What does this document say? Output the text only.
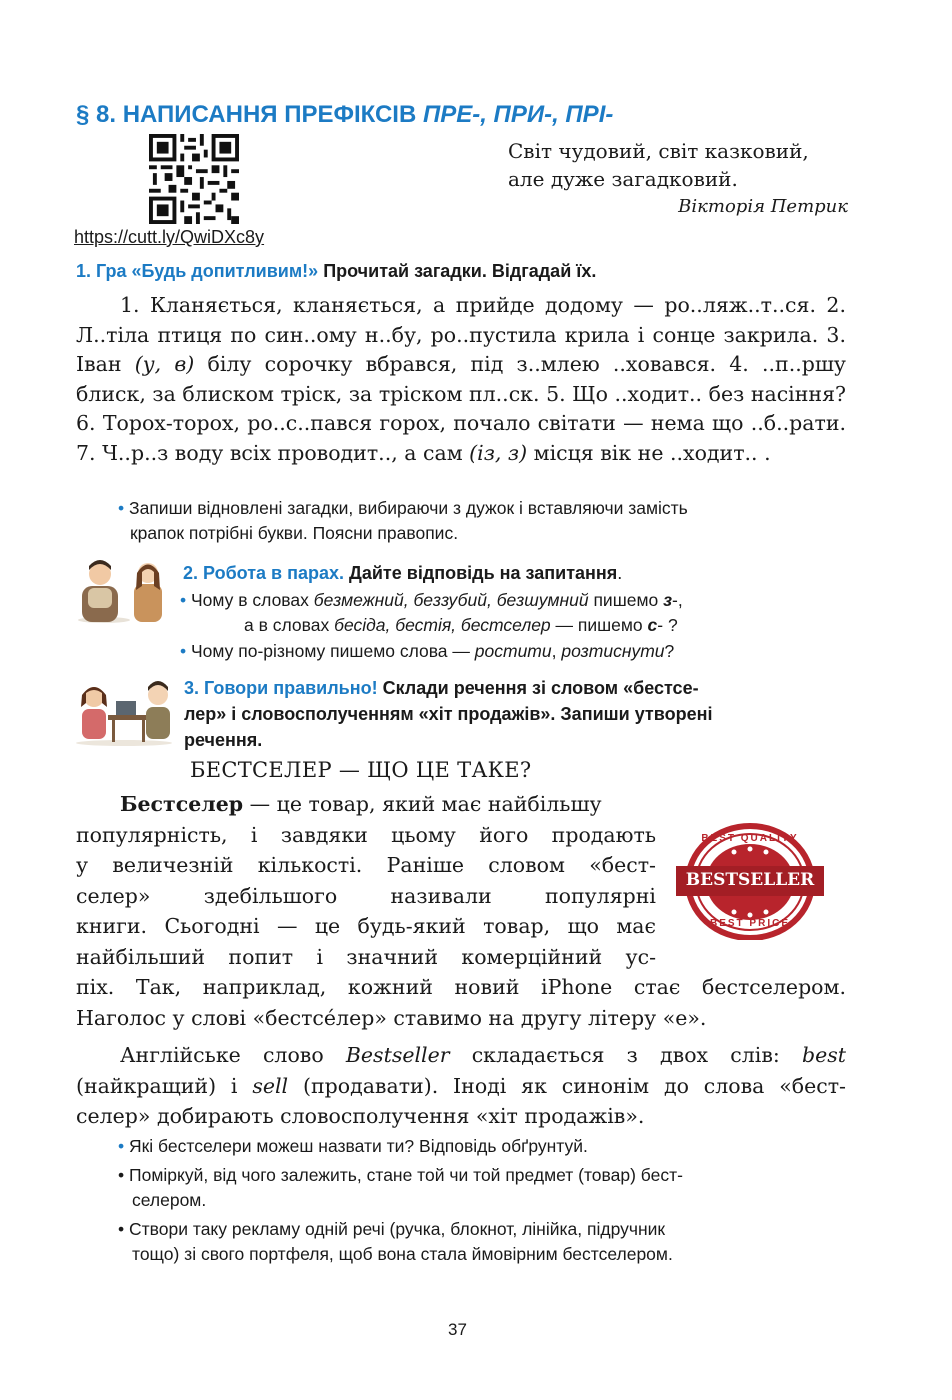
§ 8. НАПИСАННЯ ПРЕФІКСІВ ПРЕ-, ПРИ-, ПРІ-
Світ чудовий, світ казковий,
але дуже загадковий.
Вікторія Петрик
https://cutt.ly/QwiDXc8y
1. Гра «Будь допитливим!» Прочитай загадки. Відгадай їх.

1. Кланяється, кланяється, а прийде додому — ро..ляж..т..ся. 2. Л..тіла птиця по син..ому н..бу, ро..пустила крила і сонце закрила. 3. Іван (у, в) білу сорочку вбрався, під з..млею ..ховався. 4. ..п..ршу блиск, за блиском тріск, за тріском пл..ск. 5. Що ..ходит.. без насіння? 6. Торох-торох, ро..с..пався горох, почало світати — нема що ..б..рати. 7. Ч..р..з воду всіх проводит.., а сам (із, з) місця вік не ..ходит.. .

• Запиши відновлені загадки, вибираючи з дужок і вставляючи замість
крапок потрібні букви. Поясни правопис.
2. Робота в парах. Дайте відповідь на запитання.
• Чому в словах безмежний, беззубий, безшумний пишемо з-,
а в словах бесіда, бестія, бестселер — пишемо с- ?
• Чому по-різному пишемо слова — ростити, розтиснути?
3. Говори правильно! Склади речення зі словом «бестсе-
лер» і словосполученням «хіт продажів». Запиши утворені
речення.
БЕСТСЕЛЕР — ЩО ЦЕ ТАКЕ?
BEST QUALITY
BESTSELLER
BEST PRICE
Бестселер — це товар, який має найбільшу
популярність, і завдяки цьому його продають
у величезній кількості. Раніше словом «бест-
селер» здебільшого називали популярні
книги. Сьогодні — це будь-який товар, що має
найбільший попит і значний комерційний ус-
піх. Так, наприклад, кожний новий iPhone стає бестселером.
Наголос у слові «бестсе́лер» ставимо на другу літеру «е».
Англійське слово Bestseller складається з двох слів: best
(найкращий) і sell (продавати). Іноді як синонім до слова «бест-
селер» добирають словосполучення «хіт продажів».
• Які бестселери можеш назвати ти? Відповідь обґрунтуй.
• Поміркуй, від чого залежить, стане той чи той предмет (товар) бест-
селером.
• Створи таку рекламу одній речі (ручка, блокнот, лінійка, підручник
тощо) зі свого портфеля, щоб вона стала ймовірним бестселером.
37
